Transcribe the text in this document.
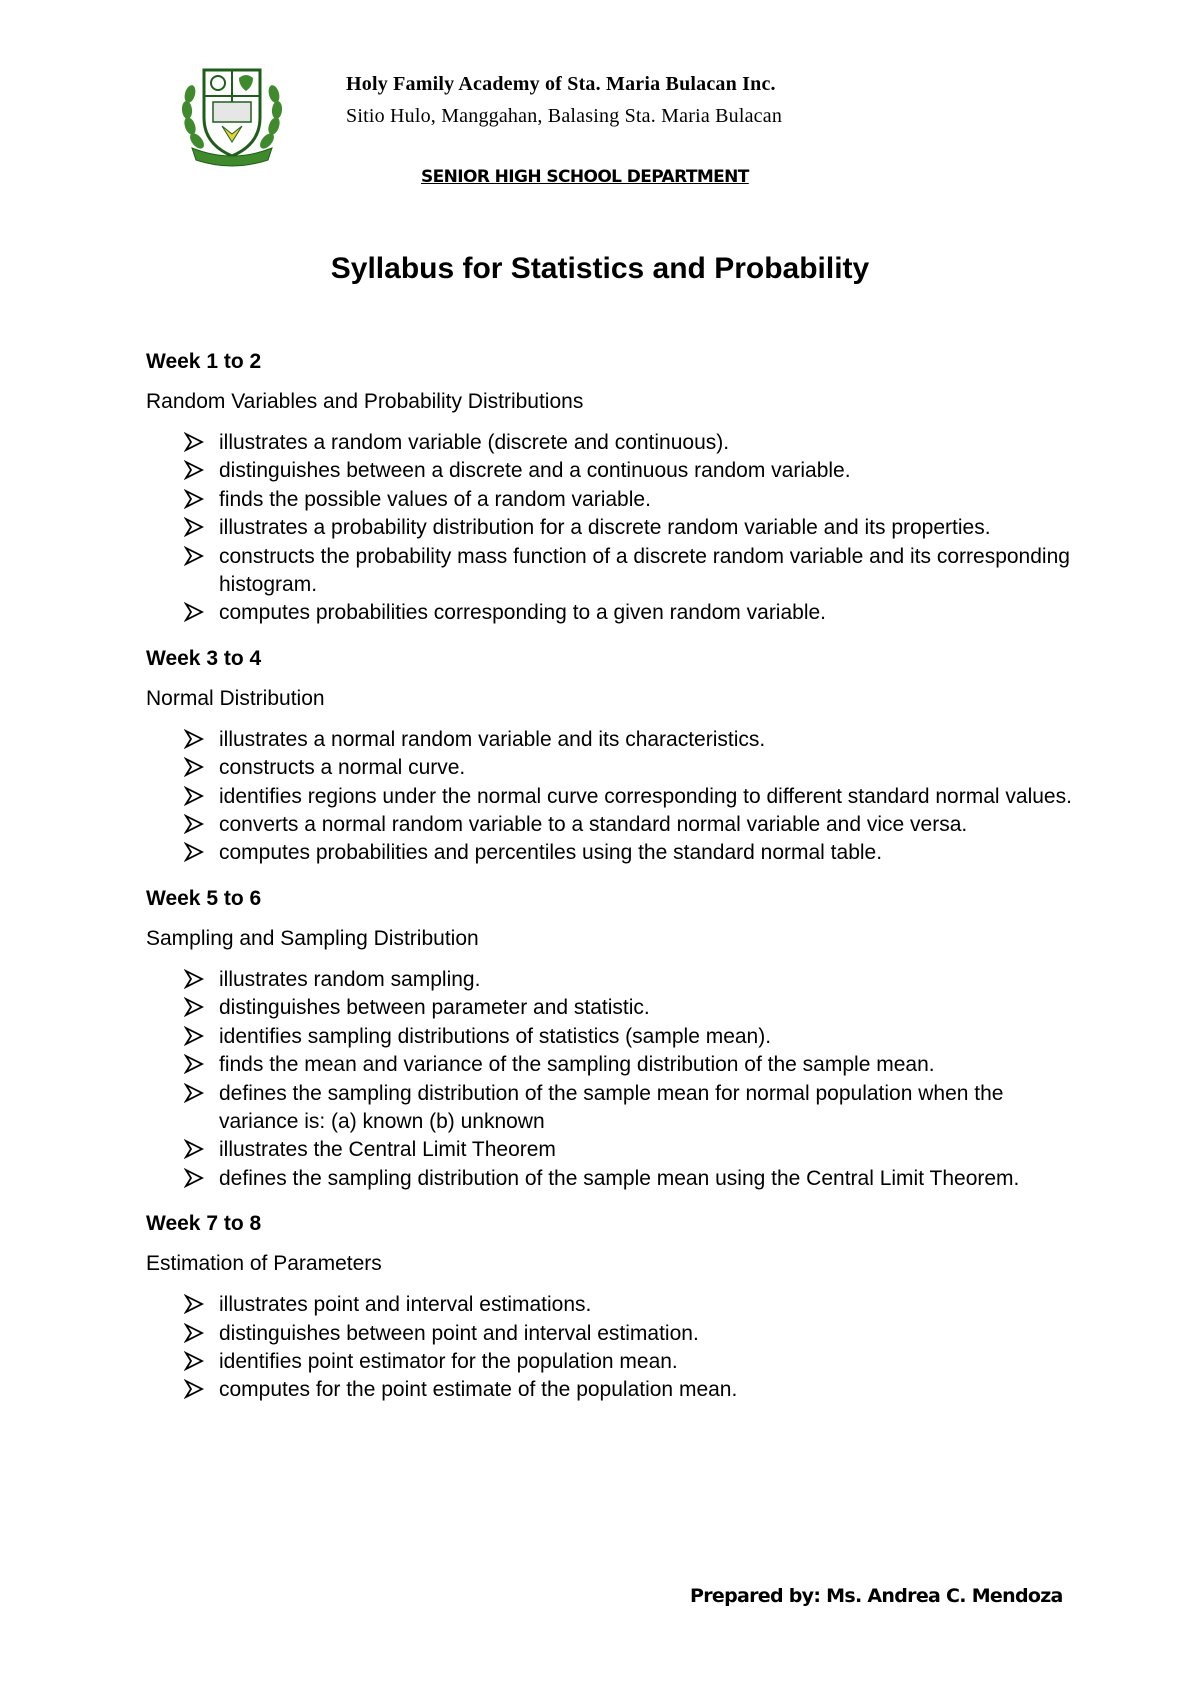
Holy Family Academy of Sta. Maria Bulacan Inc.
Sitio Hulo, Manggahan, Balasing Sta. Maria Bulacan
SENIOR HIGH SCHOOL DEPARTMENT
Syllabus for Statistics and Probability

Week 1 to 2

Random Variables and Probability Distributions

illustrates a random variable (discrete and continuous).
distinguishes between a discrete and a continuous random variable.
finds the possible values of a random variable.
illustrates a probability distribution for a discrete random variable and its properties.
constructs the probability mass function of a discrete random variable and its corresponding histogram.
computes probabilities corresponding to a given random variable.

Week 3 to 4

Normal Distribution

illustrates a normal random variable and its characteristics.
constructs a normal curve.
identifies regions under the normal curve corresponding to different standard normal values.
converts a normal random variable to a standard normal variable and vice versa.
computes probabilities and percentiles using the standard normal table.

Week 5 to 6

Sampling and Sampling Distribution

illustrates random sampling.
distinguishes between parameter and statistic.
identifies sampling distributions of statistics (sample mean).
finds the mean and variance of the sampling distribution of the sample mean.
defines the sampling distribution of the sample mean for normal population when the variance is: (a) known (b) unknown
illustrates the Central Limit Theorem
defines the sampling distribution of the sample mean using the Central Limit Theorem.

Week 7 to 8

Estimation of Parameters

illustrates point and interval estimations.
distinguishes between point and interval estimation.
identifies point estimator for the population mean.
computes for the point estimate of the population mean.
Prepared by: Ms. Andrea C. Mendoza
